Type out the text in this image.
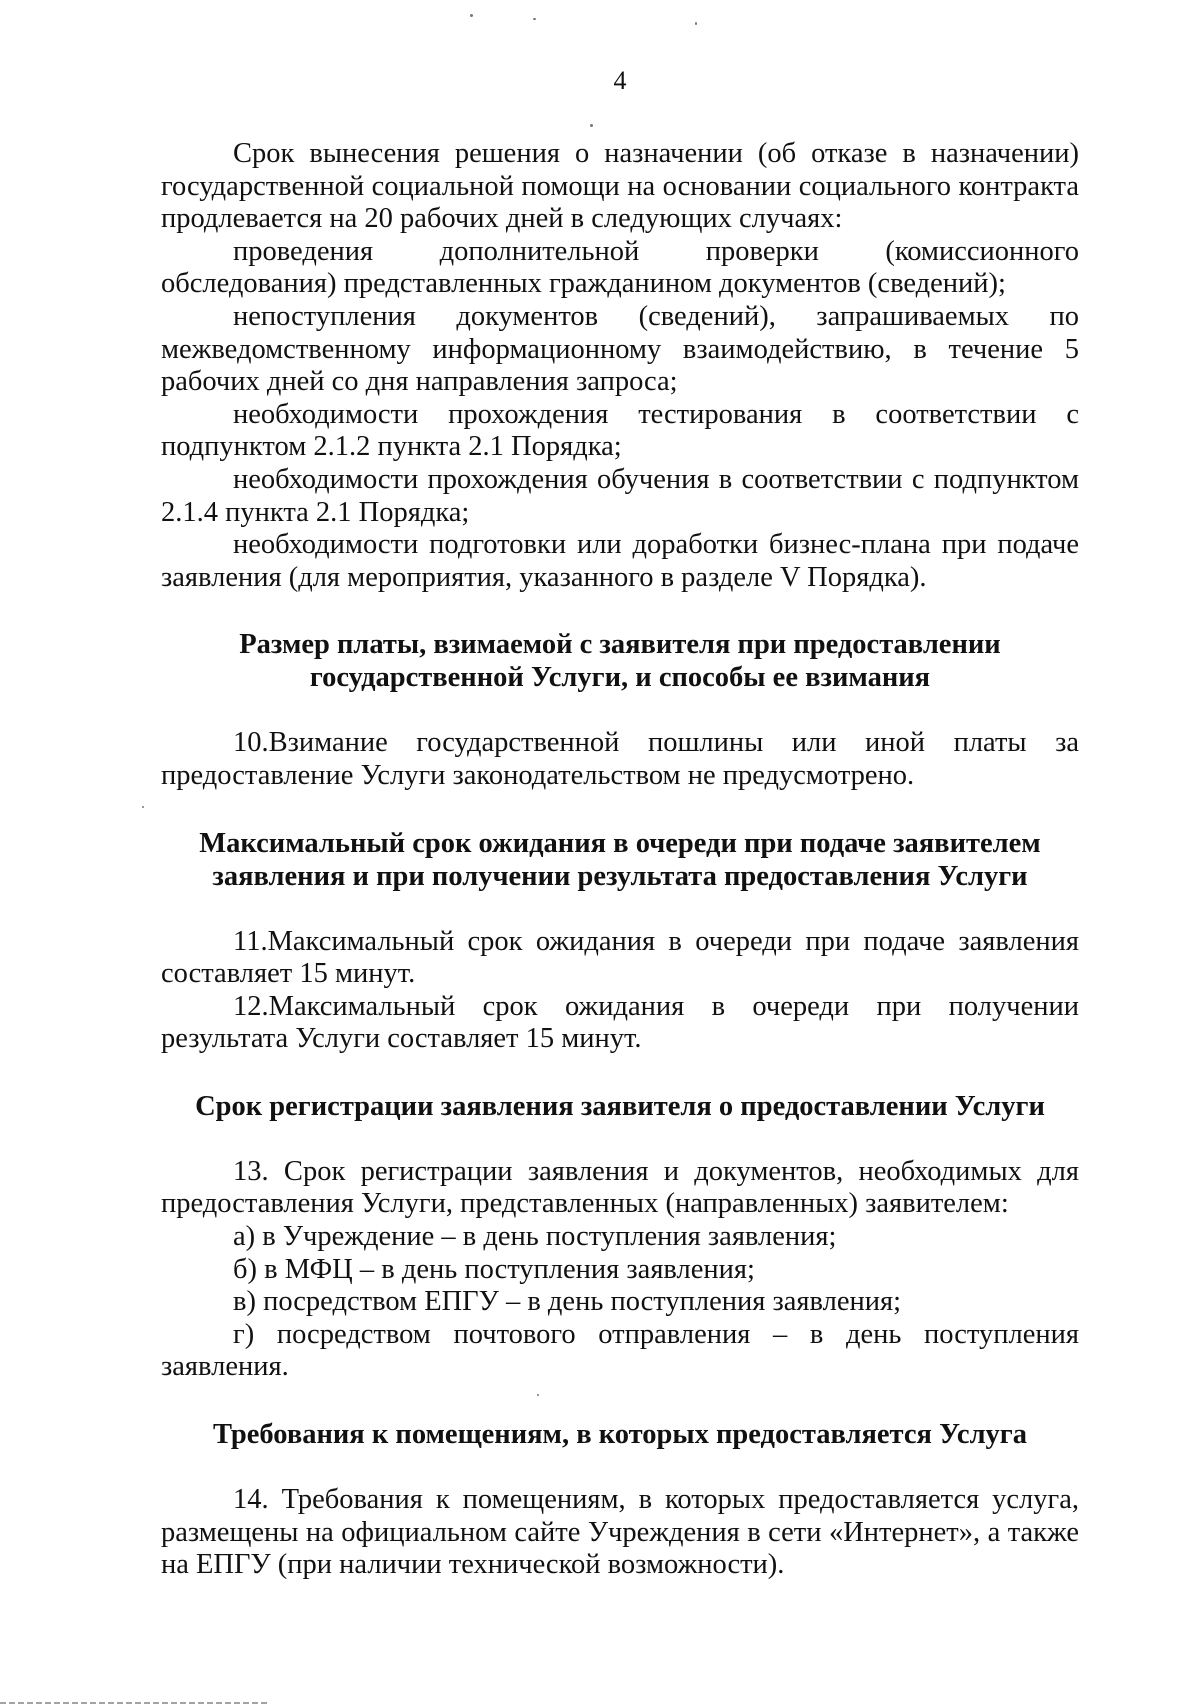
4

Срок вынесения решения о назначении (об отказе в назначении) государственной социальной помощи на основании социального контракта продлевается на 20 рабочих дней в следующих случаях:

проведения дополнительной проверки (комиссионного обследования) представленных гражданином документов (сведений);

непоступления документов (сведений), запрашиваемых по межведомственному информационному взаимодействию, в течение 5 рабочих дней со дня направления запроса;

необходимости прохождения тестирования в соответствии с подпунктом 2.1.2 пункта 2.1 Порядка;

необходимости прохождения обучения в соответствии с подпунктом 2.1.4 пункта 2.1 Порядка;

необходимости подготовки или доработки бизнес-плана при подаче заявления (для мероприятия, указанного в разделе V Порядка).

Размер платы, взимаемой с заявителя при предоставлении
государственной Услуги, и способы ее взимания

10.Взимание государственной пошлины или иной платы за предоставление Услуги законодательством не предусмотрено.

Максимальный срок ожидания в очереди при подаче заявителем
заявления и при получении результата предоставления Услуги

11.Максимальный срок ожидания в очереди при подаче заявления составляет 15 минут.

12.Максимальный срок ожидания в очереди при получении результата Услуги составляет 15 минут.

Срок регистрации заявления заявителя о предоставлении Услуги

13. Срок регистрации заявления и документов, необходимых для предоставления Услуги, представленных (направленных) заявителем:

а) в Учреждение – в день поступления заявления;

б) в МФЦ – в день поступления заявления;

в) посредством ЕПГУ – в день поступления заявления;

г) посредством почтового отправления – в день поступления заявления.

Требования к помещениям, в которых предоставляется Услуга

14. Требования к помещениям, в которых предоставляется услуга, размещены на официальном сайте Учреждения в сети «Интернет», а также на ЕПГУ (при наличии технической возможности).
